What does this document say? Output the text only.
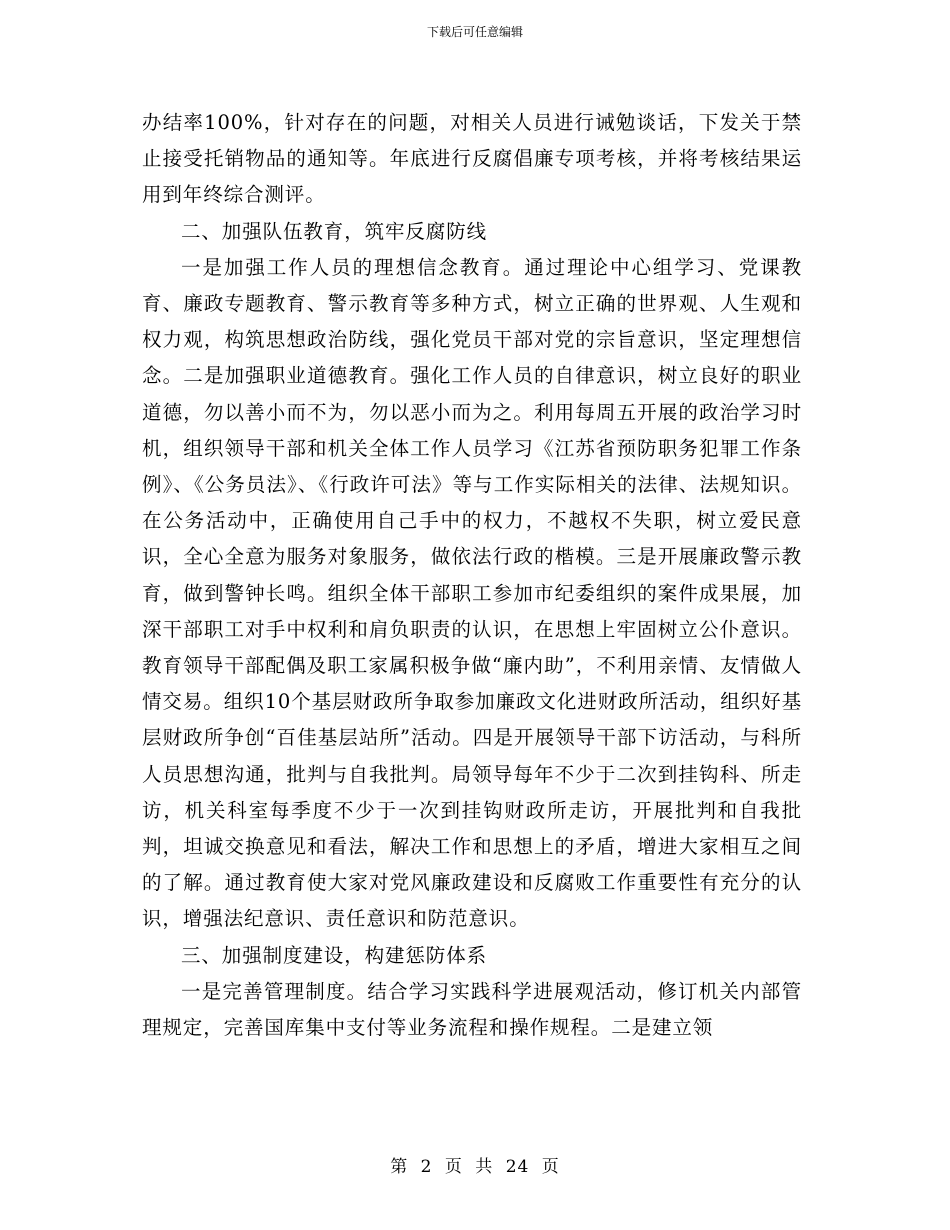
下载后可任意编辑

办结率100%，针对存在的问题，对相关人员进行诫勉谈话，下发关于禁止接受托销物品的通知等。年底进行反腐倡廉专项考核，并将考核结果运用到年终综合测评。

二、加强队伍教育，筑牢反腐防线

一是加强工作人员的理想信念教育。通过理论中心组学习、党课教育、廉政专题教育、警示教育等多种方式，树立正确的世界观、人生观和权力观，构筑思想政治防线，强化党员干部对党的宗旨意识，坚定理想信念。二是加强职业道德教育。强化工作人员的自律意识，树立良好的职业道德，勿以善小而不为，勿以恶小而为之。利用每周五开展的政治学习时机，组织领导干部和机关全体工作人员学习《江苏省预防职务犯罪工作条例》、《公务员法》、《行政许可法》等与工作实际相关的法律、法规知识。在公务活动中，正确使用自己手中的权力，不越权不失职，树立爱民意识，全心全意为服务对象服务，做依法行政的楷模。三是开展廉政警示教育，做到警钟长鸣。组织全体干部职工参加市纪委组织的案件成果展，加深干部职工对手中权利和肩负职责的认识，在思想上牢固树立公仆意识。教育领导干部配偶及职工家属积极争做“廉内助”，不利用亲情、友情做人情交易。组织10个基层财政所争取参加廉政文化进财政所活动，组织好基层财政所争创“百佳基层站所”活动。四是开展领导干部下访活动，与科所人员思想沟通，批判与自我批判。局领导每年不少于二次到挂钩科、所走访，机关科室每季度不少于一次到挂钩财政所走访，开展批判和自我批判，坦诚交换意见和看法，解决工作和思想上的矛盾，增进大家相互之间的了解。通过教育使大家对党风廉政建设和反腐败工作重要性有充分的认识，增强法纪意识、责任意识和防范意识。

三、加强制度建设，构建惩防体系

一是完善管理制度。结合学习实践科学进展观活动，修订机关内部管理规定，完善国库集中支付等业务流程和操作规程。二是建立领

第 2 页 共 24 页
